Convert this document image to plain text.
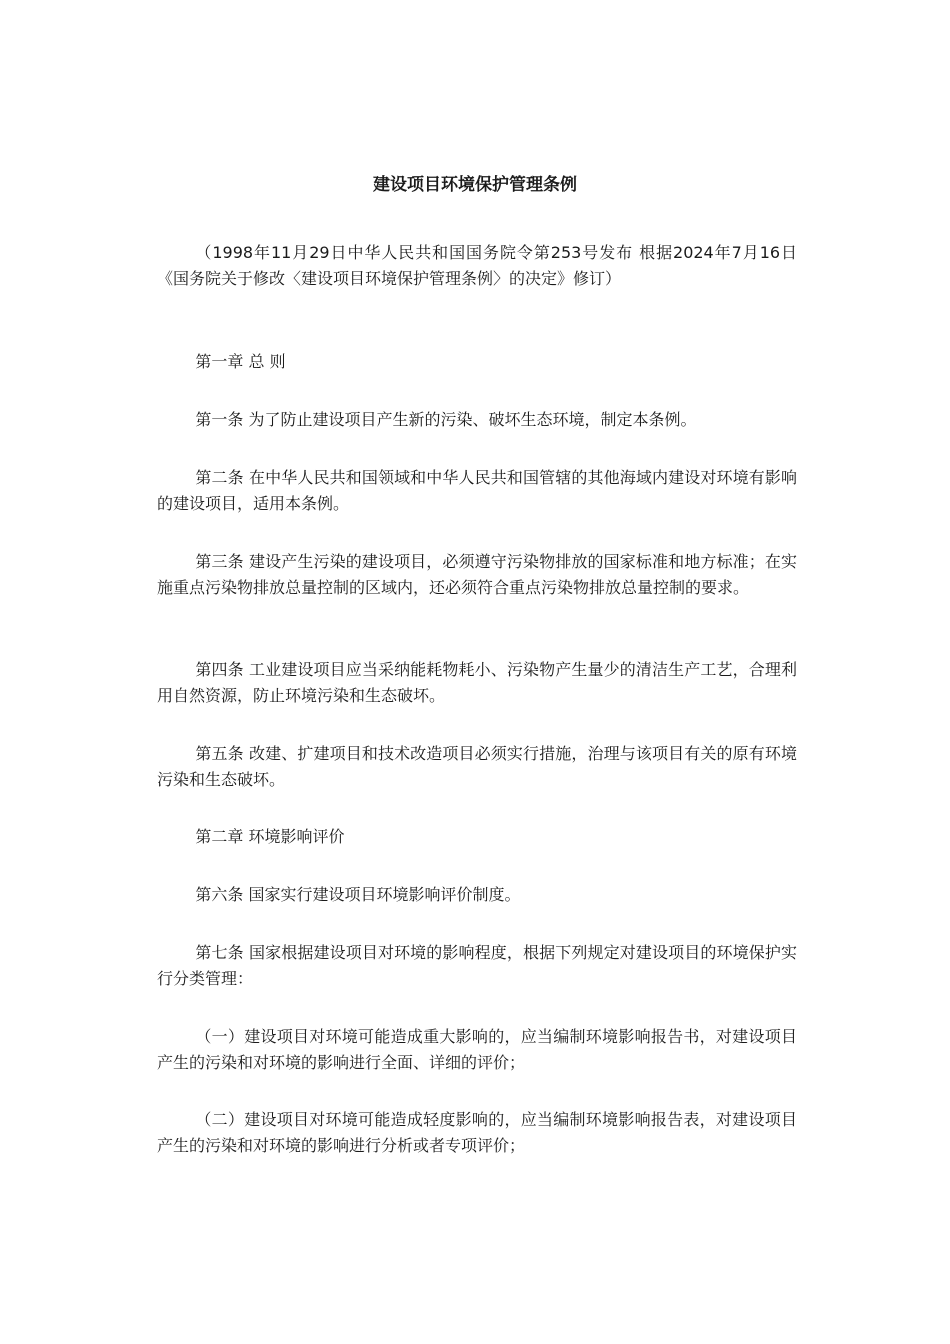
建设项目环境保护管理条例

（1998年11月29日中华人民共和国国务院令第253号发布 根据2024年7月16日《国务院关于修改〈建设项目环境保护管理条例〉的决定》修订）

第一章 总 则

第一条 为了防止建设项目产生新的污染、破坏生态环境，制定本条例。

第二条 在中华人民共和国领域和中华人民共和国管辖的其他海域内建设对环境有影响的建设项目，适用本条例。

第三条 建设产生污染的建设项目，必须遵守污染物排放的国家标准和地方标准；在实施重点污染物排放总量控制的区域内，还必须符合重点污染物排放总量控制的要求。

第四条 工业建设项目应当采纳能耗物耗小、污染物产生量少的清洁生产工艺，合理利用自然资源，防止环境污染和生态破坏。

第五条 改建、扩建项目和技术改造项目必须实行措施，治理与该项目有关的原有环境污染和生态破坏。

第二章 环境影响评价

第六条 国家实行建设项目环境影响评价制度。

第七条 国家根据建设项目对环境的影响程度，根据下列规定对建设项目的环境保护实行分类管理：

（一）建设项目对环境可能造成重大影响的，应当编制环境影响报告书，对建设项目产生的污染和对环境的影响进行全面、详细的评价；

（二）建设项目对环境可能造成轻度影响的，应当编制环境影响报告表，对建设项目产生的污染和对环境的影响进行分析或者专项评价；
